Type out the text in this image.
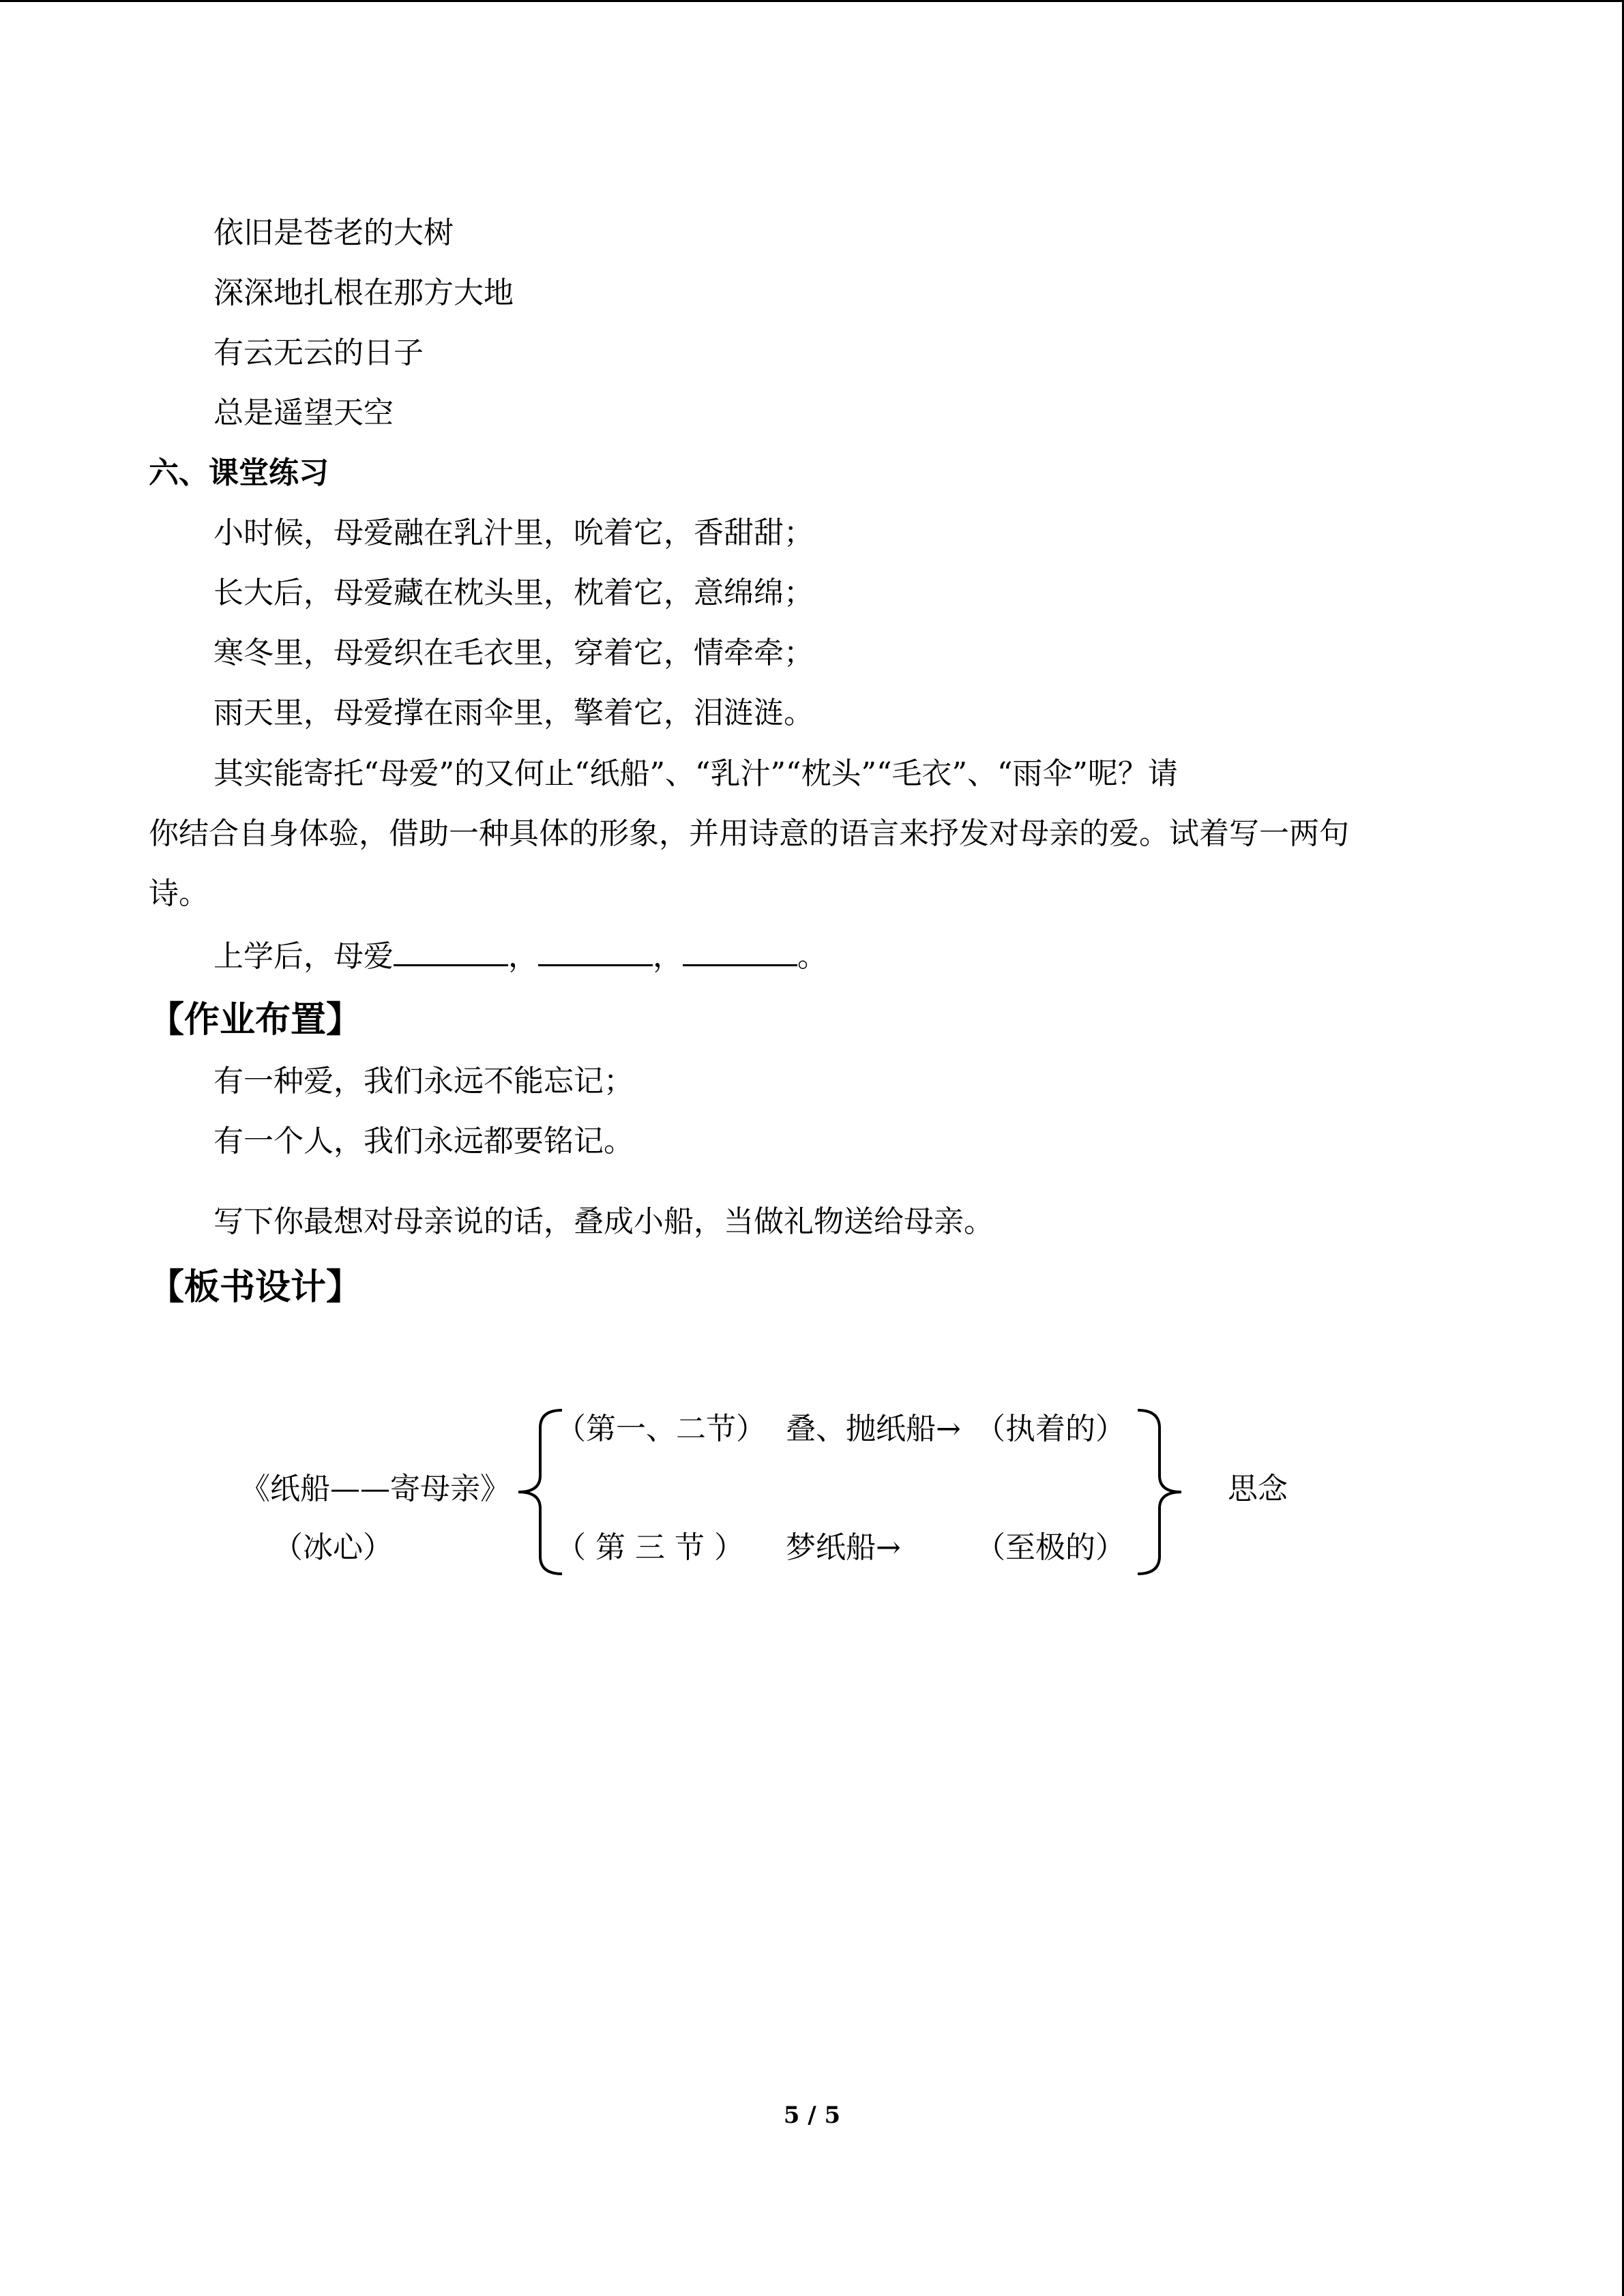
依旧是苍老的大树
深深地扎根在那方大地
有云无云的日子
总是遥望天空
六、课堂练习
小时候，母爱融在乳汁里，吮着它，香甜甜；
长大后，母爱藏在枕头里，枕着它，意绵绵；
寒冬里，母爱织在毛衣里，穿着它，情牵牵；
雨天里，母爱撑在雨伞里，擎着它，泪涟涟。
其实能寄托“母爱”的又何止“纸船”、“乳汁”“枕头”“毛衣”、“雨伞”呢？请
你结合自身体验，借助一种具体的形象，并用诗意的语言来抒发对母亲的爱。试着写一两句
诗。
上学后，母爱	，	，	。
【作业布置】
有一种爱，我们永远不能忘记；
有一个人，我们永远都要铭记。
写下你最想对母亲说的话，叠成小船，当做礼物送给母亲。
【板书设计】
《纸船——寄母亲》
（冰心）
（第一、二节） 叠、抛纸船→ （执着的）
（ 第 三 节 ） 梦纸船→ （至极的）
思念
5 / 5
